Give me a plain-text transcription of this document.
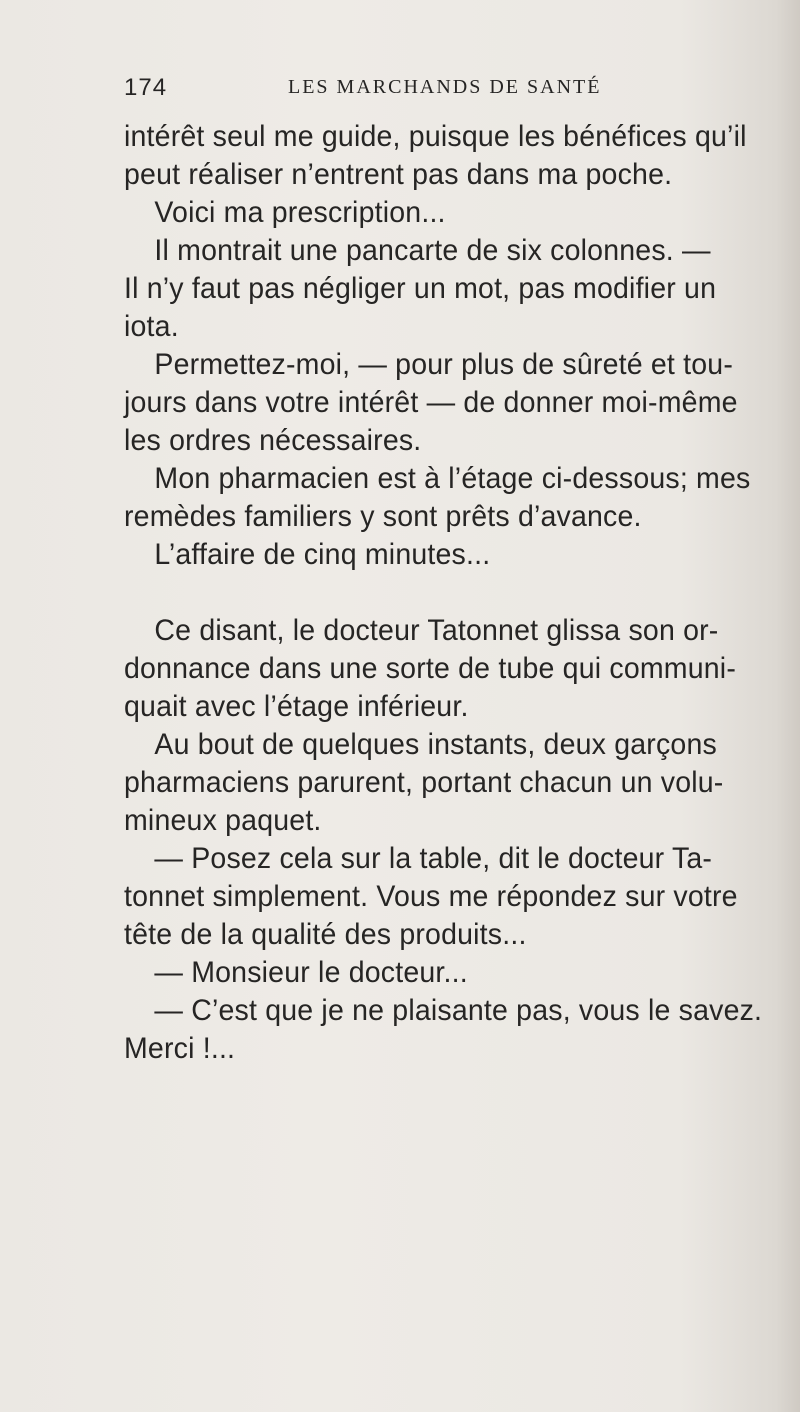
174	LES MARCHANDS DE SANTÉ
intérêt seul me guide, puisque les bénéfices qu’il
peut réaliser n’entrent pas dans ma poche.
Voici ma prescription...
Il montrait une pancarte de six colonnes. —
Il n’y faut pas négliger un mot, pas modifier un
iota.
Permettez-moi, — pour plus de sûreté et tou-
jours dans votre intérêt — de donner moi-même
les ordres nécessaires.
Mon pharmacien est à l’étage ci-dessous; mes
remèdes familiers y sont prêts d’avance.
L’affaire de cinq minutes...
Ce disant, le docteur Tatonnet glissa son or-
donnance dans une sorte de tube qui communi-
quait avec l’étage inférieur.
Au bout de quelques instants, deux garçons
pharmaciens parurent, portant chacun un volu-
mineux paquet.
— Posez cela sur la table, dit le docteur Ta-
tonnet simplement. Vous me répondez sur votre
tête de la qualité des produits...
— Monsieur le docteur...
— C’est que je ne plaisante pas, vous le savez.
Merci !...
